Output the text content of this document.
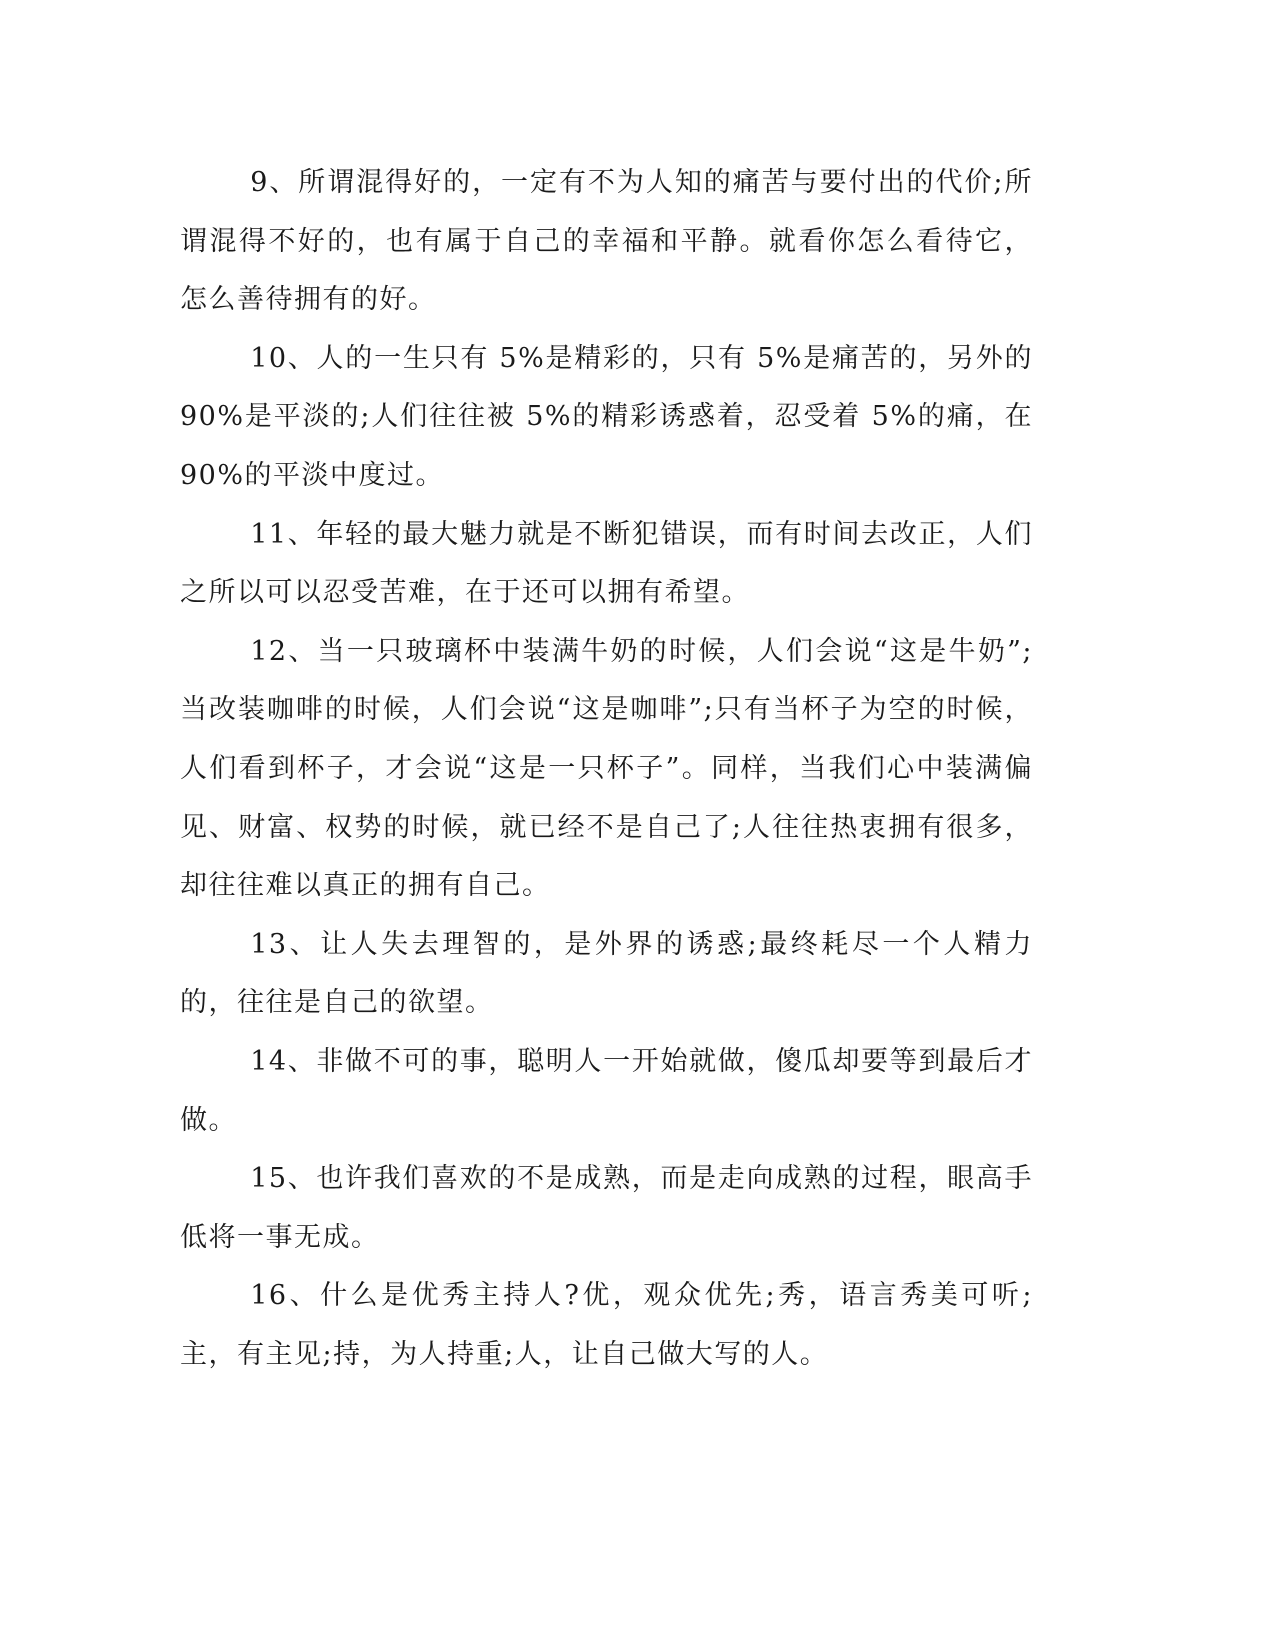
9、所谓混得好的，一定有不为人知的痛苦与要付出的代价;所谓混得不好的，也有属于自己的幸福和平静。就看你怎么看待它，怎么善待拥有的好。

10、人的一生只有 5%是精彩的，只有 5%是痛苦的，另外的 90%是平淡的;人们往往被 5%的精彩诱惑着，忍受着 5%的痛，在 90%的平淡中度过。

11、年轻的最大魅力就是不断犯错误，而有时间去改正，人们之所以可以忍受苦难，在于还可以拥有希望。

12、当一只玻璃杯中装满牛奶的时候，人们会说“这是牛奶”;当改装咖啡的时候，人们会说“这是咖啡”;只有当杯子为空的时候，人们看到杯子，才会说“这是一只杯子”。同样，当我们心中装满偏见、财富、权势的时候，就已经不是自己了;人往往热衷拥有很多，却往往难以真正的拥有自己。

13、让人失去理智的，是外界的诱惑;最终耗尽一个人精力的，往往是自己的欲望。

14、非做不可的事，聪明人一开始就做，傻瓜却要等到最后才做。

15、也许我们喜欢的不是成熟，而是走向成熟的过程，眼高手低将一事无成。

16、什么是优秀主持人?优，观众优先;秀，语言秀美可听;主，有主见;持，为人持重;人，让自己做大写的人。
